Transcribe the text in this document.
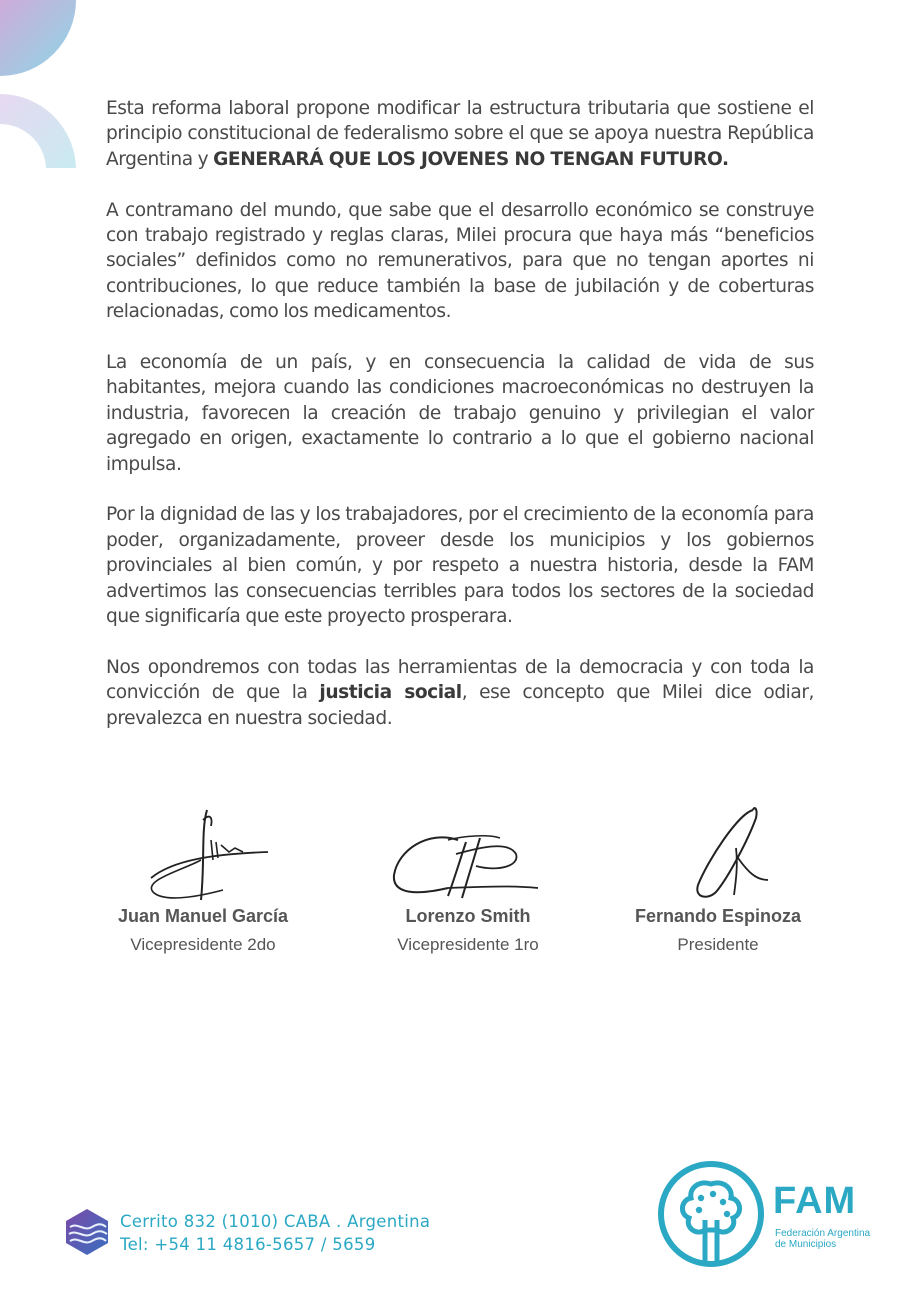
Esta reforma laboral propone modificar la estructura tributaria que sostiene el principio constitucional de federalismo sobre el que se apoya nuestra República Argentina y GENERARÁ QUE LOS JOVENES NO TENGAN FUTURO.

A contramano del mundo, que sabe que el desarrollo económico se construye con trabajo registrado y reglas claras, Milei procura que haya más “beneficios sociales” definidos como no remunerativos, para que no tengan aportes ni contribuciones, lo que reduce también la base de jubilación y de coberturas relacionadas, como los medicamentos.

La economía de un país, y en consecuencia la calidad de vida de sus habitantes, mejora cuando las condiciones macroeconómicas no destruyen la industria, favorecen la creación de trabajo genuino y privilegian el valor agregado en origen, exactamente lo contrario a lo que el gobierno nacional impulsa.

Por la dignidad de las y los trabajadores, por el crecimiento de la economía para poder, organizadamente, proveer desde los municipios y los gobiernos provinciales al bien común, y por respeto a nuestra historia, desde la FAM advertimos las consecuencias terribles para todos los sectores de la sociedad que significaría que este proyecto prosperara.

Nos opondremos con todas las herramientas de la democracia y con toda la convicción de que la justicia social, ese concepto que Milei dice odiar, prevalezca en nuestra sociedad.

Juan Manuel García
Vicepresidente 2do
Lorenzo Smith
Vicepresidente 1ro
Fernando Espinoza
Presidente
Cerrito 832 (1010) CABA . Argentina
Tel: +54 11 4816-5657 / 5659
FAM
Federación Argentina de Municipios
